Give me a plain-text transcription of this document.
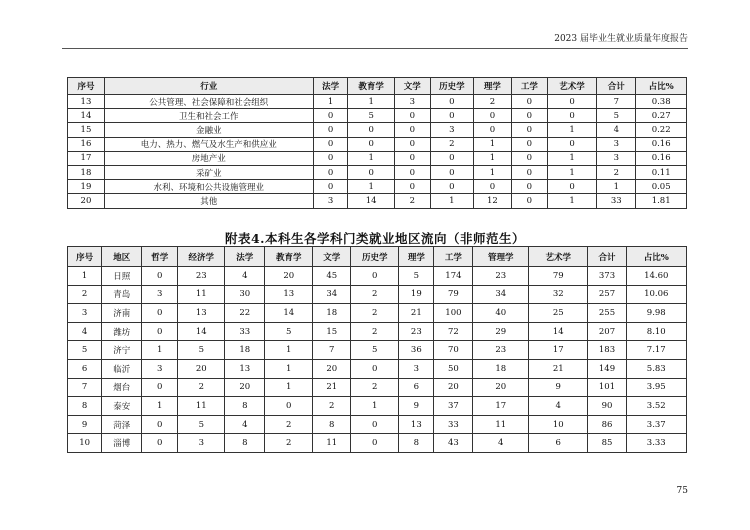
2023 届毕业生就业质量年度报告
序号	行业	法学	教育学	文学	历史学	理学	工学	艺术学	合计	占比%
13	公共管理、社会保障和社会组织	1	1	3	0	2	0	0	7	0.38
14	卫生和社会工作	0	5	0	0	0	0	0	5	0.27
15	金融业	0	0	0	3	0	0	1	4	0.22
16	电力、热力、燃气及水生产和供应业	0	0	0	2	1	0	0	3	0.16
17	房地产业	0	1	0	0	1	0	1	3	0.16
18	采矿业	0	0	0	0	1	0	1	2	0.11
19	水利、环境和公共设施管理业	0	1	0	0	0	0	0	1	0.05
20	其他	3	14	2	1	12	0	1	33	1.81
附表4.本科生各学科门类就业地区流向（非师范生）
序号	地区	哲学	经济学	法学	教育学	文学	历史学	理学	工学	管理学	艺术学	合计	占比%
1	日照	0	23	4	20	45	0	5	174	23	79	373	14.60
2	青岛	3	11	30	13	34	2	19	79	34	32	257	10.06
3	济南	0	13	22	14	18	2	21	100	40	25	255	9.98
4	潍坊	0	14	33	5	15	2	23	72	29	14	207	8.10
5	济宁	1	5	18	1	7	5	36	70	23	17	183	7.17
6	临沂	3	20	13	1	20	0	3	50	18	21	149	5.83
7	烟台	0	2	20	1	21	2	6	20	20	9	101	3.95
8	泰安	1	11	8	0	2	1	9	37	17	4	90	3.52
9	菏泽	0	5	4	2	8	0	13	33	11	10	86	3.37
10	淄博	0	3	8	2	11	0	8	43	4	6	85	3.33
75
